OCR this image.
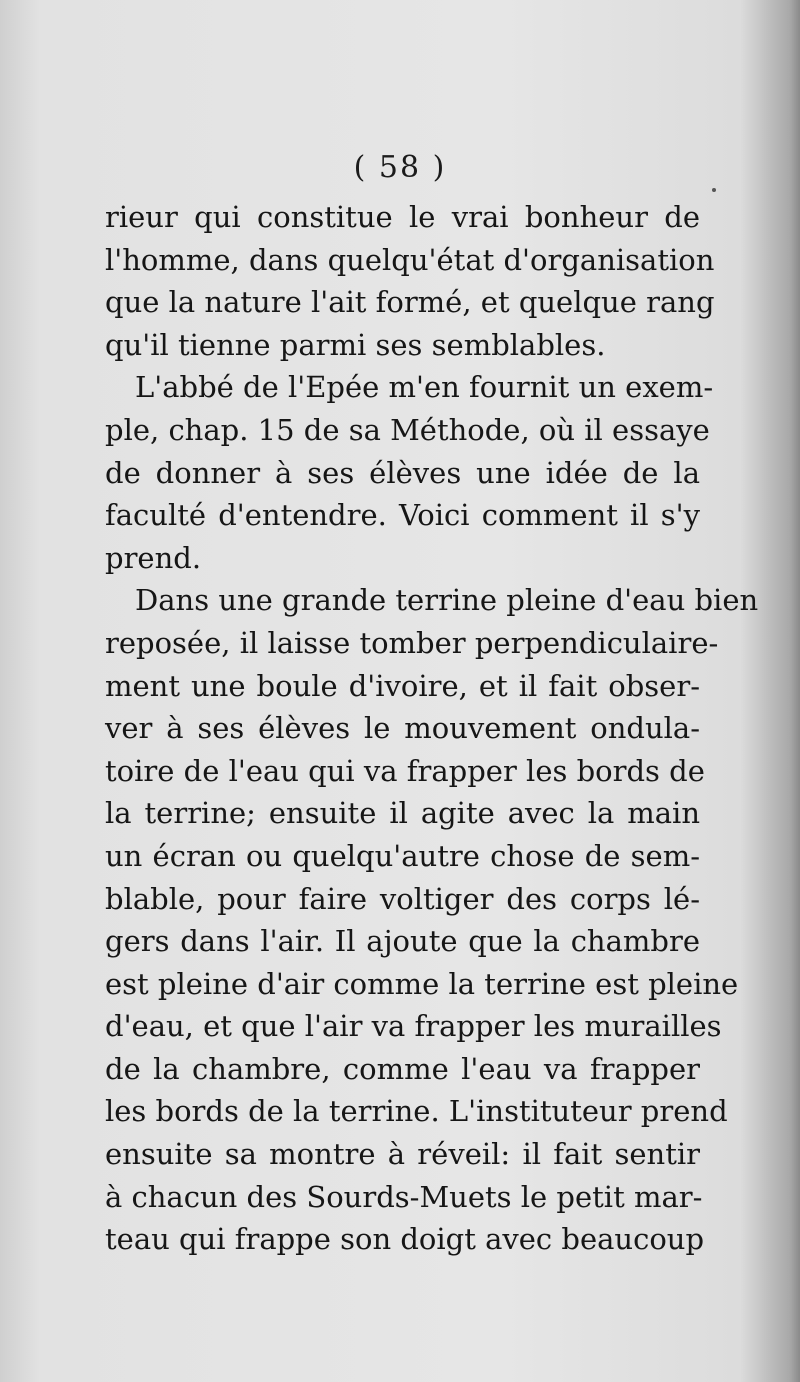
( 58 )
rieur qui constitue le vrai bonheur de
l'homme, dans quelqu'état d'organisation
que la nature l'ait formé, et quelque rang
qu'il tienne parmi ses semblables.
L'abbé de l'Epée m'en fournit un exem-
ple, chap. 15 de sa Méthode, où il essaye
de donner à ses élèves une idée de la
faculté d'entendre. Voici comment il s'y
prend.
Dans une grande terrine pleine d'eau bien
reposée, il laisse tomber perpendiculaire-
ment une boule d'ivoire, et il fait obser-
ver à ses élèves le mouvement ondula-
toire de l'eau qui va frapper les bords de
la terrine; ensuite il agite avec la main
un écran ou quelqu'autre chose de sem-
blable, pour faire voltiger des corps lé-
gers dans l'air. Il ajoute que la chambre
est pleine d'air comme la terrine est pleine
d'eau, et que l'air va frapper les murailles
de la chambre, comme l'eau va frapper
les bords de la terrine. L'instituteur prend
ensuite sa montre à réveil: il fait sentir
à chacun des Sourds-Muets le petit mar-
teau qui frappe son doigt avec beaucoup
